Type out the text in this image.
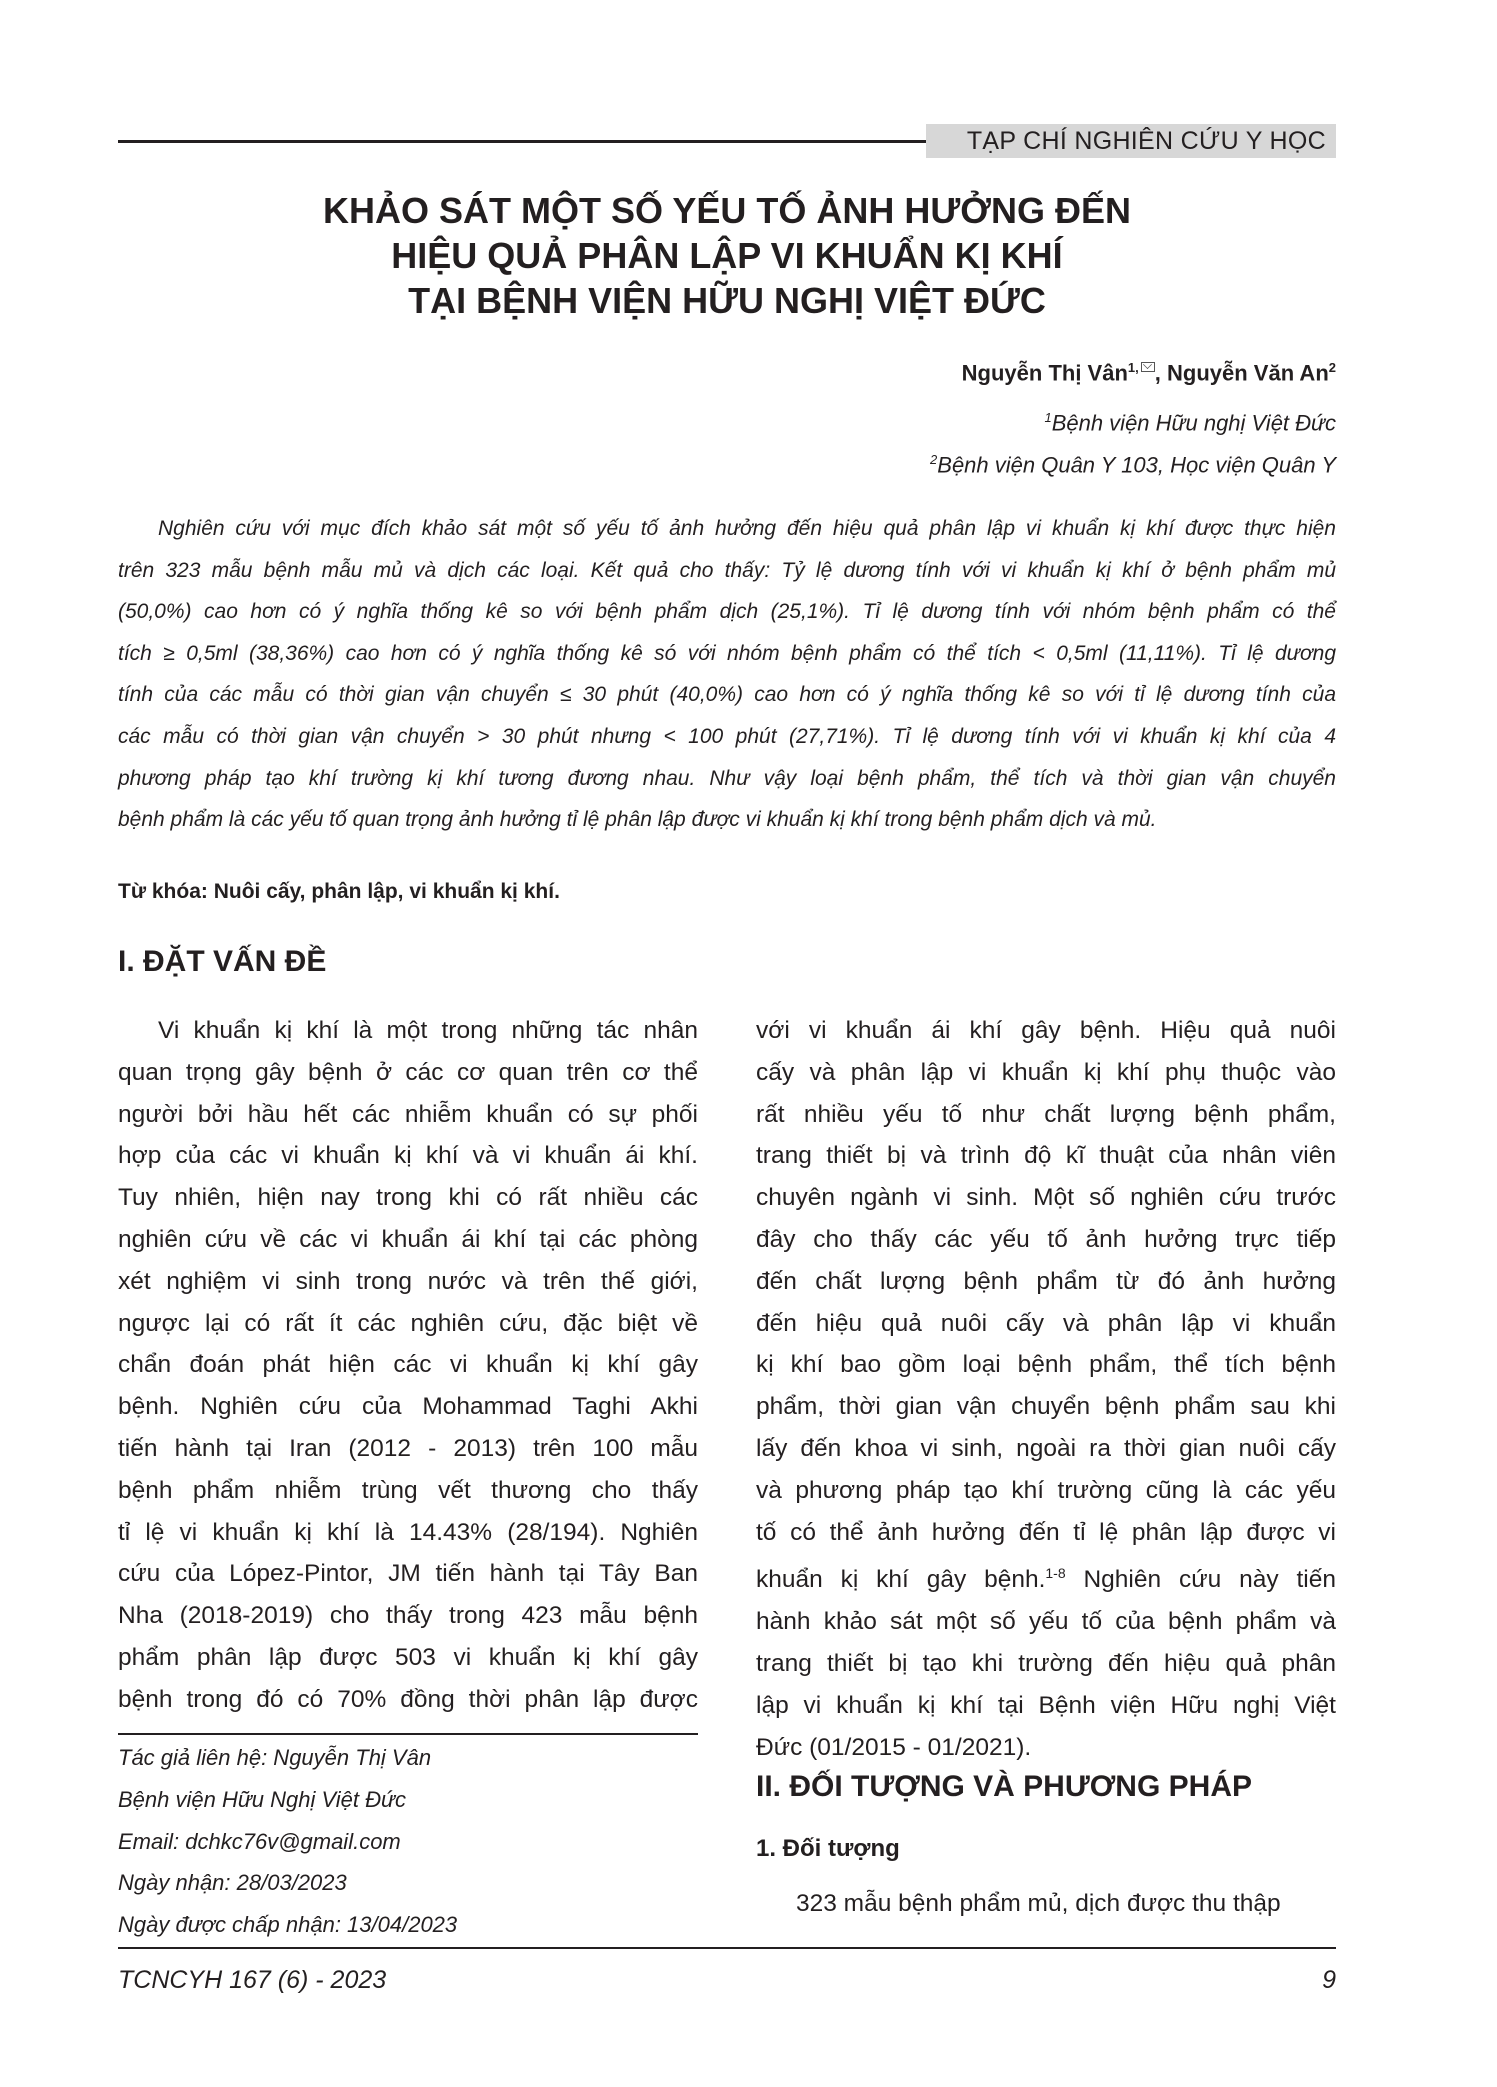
TẠP CHÍ NGHIÊN CỨU Y HỌC
KHẢO SÁT MỘT SỐ YẾU TỐ ẢNH HƯỞNG ĐẾN
HIỆU QUẢ PHÂN LẬP VI KHUẨN KỊ KHÍ
TẠI BỆNH VIỆN HỮU NGHỊ VIỆT ĐỨC
Nguyễn Thị Vân$^{1,}$ , Nguyễn Văn An$^2$
$^1$Bệnh viện Hữu nghị Việt Đức
$^2$Bệnh viện Quân Y 103, Học viện Quân Y
Nghiên cứu với mục đích khảo sát một số yếu tố ảnh hưởng đến hiệu quả phân lập vi khuẩn kị khí được thực hiện
trên 323 mẫu bệnh mẫu mủ và dịch các loại. Kết quả cho thấy: Tỷ lệ dương tính với vi khuẩn kị khí ở bệnh phẩm mủ
(50,0%) cao hơn có ý nghĩa thống kê so với bệnh phẩm dịch (25,1%). Tỉ lệ dương tính với nhóm bệnh phẩm có thể
tích ≥ 0,5ml (38,36%) cao hơn có ý nghĩa thống kê só với nhóm bệnh phẩm có thể tích < 0,5ml (11,11%). Tỉ lệ dương
tính của các mẫu có thời gian vận chuyển ≤ 30 phút (40,0%) cao hơn có ý nghĩa thống kê so với tỉ lệ dương tính của
các mẫu có thời gian vận chuyển > 30 phút nhưng < 100 phút (27,71%). Tỉ lệ dương tính với vi khuẩn kị khí của 4
phương pháp tạo khí trường kị khí tương đương nhau. Như vậy loại bệnh phẩm, thể tích và thời gian vận chuyển
bệnh phẩm là các yếu tố quan trọng ảnh hưởng tỉ lệ phân lập được vi khuẩn kị khí trong bệnh phẩm dịch và mủ.
Từ khóa: Nuôi cấy, phân lập, vi khuẩn kị khí.
I. ĐẶT VẤN ĐỀ
Vi khuẩn kị khí là một trong những tác nhân
quan trọng gây bệnh ở các cơ quan trên cơ thể
người bởi hầu hết các nhiễm khuẩn có sự phối
hợp của các vi khuẩn kị khí và vi khuẩn ái khí.
Tuy nhiên, hiện nay trong khi có rất nhiều các
nghiên cứu về các vi khuẩn ái khí tại các phòng
xét nghiệm vi sinh trong nước và trên thế giới,
ngược lại có rất ít các nghiên cứu, đặc biệt về
chẩn đoán phát hiện các vi khuẩn kị khí gây
bệnh. Nghiên cứu của Mohammad Taghi Akhi
tiến hành tại Iran (2012 - 2013) trên 100 mẫu
bệnh phẩm nhiễm trùng vết thương cho thấy
tỉ lệ vi khuẩn kị khí là 14.43% (28/194). Nghiên
cứu của López-Pintor, JM tiến hành tại Tây Ban
Nha (2018-2019) cho thấy trong 423 mẫu bệnh
phẩm phân lập được 503 vi khuẩn kị khí gây
bệnh trong đó có 70% đồng thời phân lập được
Tác giả liên hệ: Nguyễn Thị Vân
Bệnh viện Hữu Nghị Việt Đức
Email: dchkc76v@gmail.com
Ngày nhận: 28/03/2023
Ngày được chấp nhận: 13/04/2023
với vi khuẩn ái khí gây bệnh. Hiệu quả nuôi
cấy và phân lập vi khuẩn kị khí phụ thuộc vào
rất nhiều yếu tố như chất lượng bệnh phẩm,
trang thiết bị và trình độ kĩ thuật của nhân viên
chuyên ngành vi sinh. Một số nghiên cứu trước
đây cho thấy các yếu tố ảnh hưởng trực tiếp
đến chất lượng bệnh phẩm từ đó ảnh hưởng
đến hiệu quả nuôi cấy và phân lập vi khuẩn
kị khí bao gồm loại bệnh phẩm, thể tích bệnh
phẩm, thời gian vận chuyển bệnh phẩm sau khi
lấy đến khoa vi sinh, ngoài ra thời gian nuôi cấy
và phương pháp tạo khí trường cũng là các yếu
tố có thể ảnh hưởng đến tỉ lệ phân lập được vi
khuẩn kị khí gây bệnh.$^{1-8}$ Nghiên cứu này tiến
hành khảo sát một số yếu tố của bệnh phẩm và
trang thiết bị tạo khi trường đến hiệu quả phân
lập vi khuẩn kị khí tại Bệnh viện Hữu nghị Việt
Đức (01/2015 - 01/2021).
II. ĐỐI TƯỢNG VÀ PHƯƠNG PHÁP
1. Đối tượng
323 mẫu bệnh phẩm mủ, dịch được thu thập
TCNCYH 167 (6) - 2023	9
